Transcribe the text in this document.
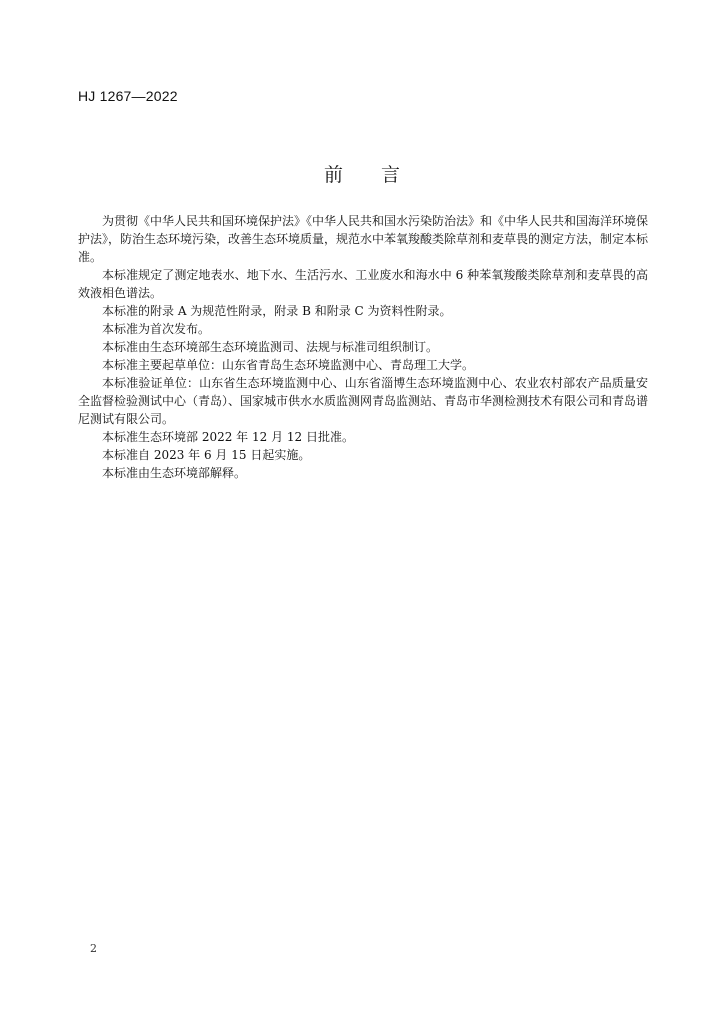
HJ 1267—2022
前言

为贯彻《中华人民共和国环境保护法》《中华人民共和国水污染防治法》和《中华人民共和国海洋环境保护法》，防治生态环境污染，改善生态环境质量，规范水中苯氧羧酸类除草剂和麦草畏的测定方法，制定本标准。

本标准规定了测定地表水、地下水、生活污水、工业废水和海水中 6 种苯氧羧酸类除草剂和麦草畏的高效液相色谱法。

本标准的附录 A 为规范性附录，附录 B 和附录 C 为资料性附录。

本标准为首次发布。

本标准由生态环境部生态环境监测司、法规与标准司组织制订。

本标准主要起草单位：山东省青岛生态环境监测中心、青岛理工大学。

本标准验证单位：山东省生态环境监测中心、山东省淄博生态环境监测中心、农业农村部农产品质量安全监督检验测试中心（青岛）、国家城市供水水质监测网青岛监测站、青岛市华测检测技术有限公司和青岛谱尼测试有限公司。

本标准生态环境部 2022 年 12 月 12 日批准。

本标准自 2023 年 6 月 15 日起实施。

本标准由生态环境部解释。

2
